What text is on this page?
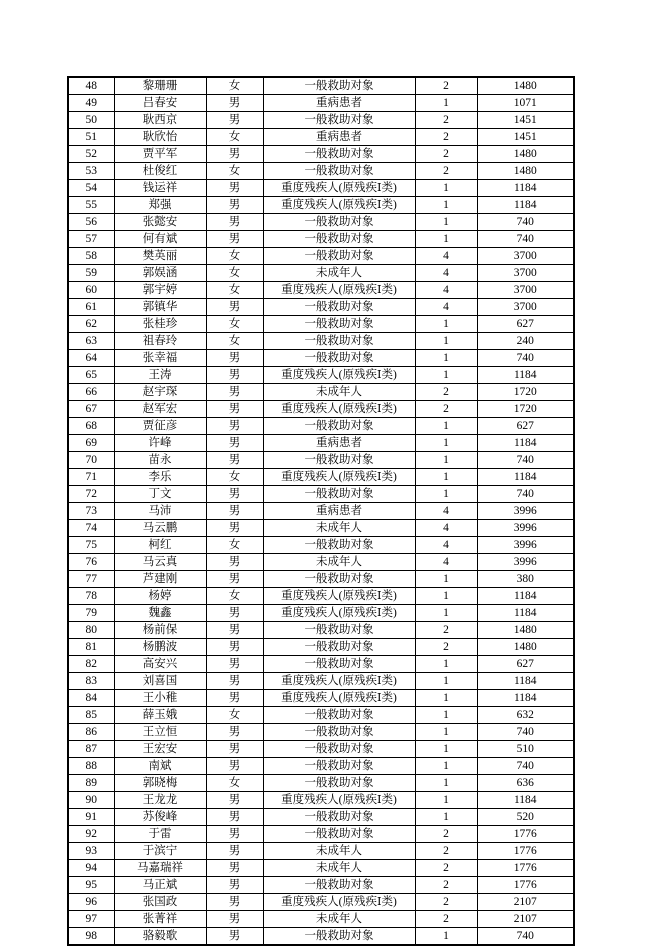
48	黎珊珊	女	一般救助对象	2	1480
49	吕春安	男	重病患者	1	1071
50	耿西京	男	一般救助对象	2	1451
51	耿欣怡	女	重病患者	2	1451
52	贾平军	男	一般救助对象	2	1480
53	杜俊红	女	一般救助对象	2	1480
54	钱运祥	男	重度残疾人(原残疾Ⅰ类)	1	1184
55	郑强	男	重度残疾人(原残疾Ⅰ类)	1	1184
56	张懿安	男	一般救助对象	1	740
57	何有斌	男	一般救助对象	1	740
58	樊英丽	女	一般救助对象	4	3700
59	郭娱涵	女	未成年人	4	3700
60	郭宇婷	女	重度残疾人(原残疾Ⅰ类)	4	3700
61	郭镇华	男	一般救助对象	4	3700
62	张桂珍	女	一般救助对象	1	627
63	祖春玲	女	一般救助对象	1	240
64	张幸福	男	一般救助对象	1	740
65	王涛	男	重度残疾人(原残疾Ⅰ类)	1	1184
66	赵宇琛	男	未成年人	2	1720
67	赵军宏	男	重度残疾人(原残疾Ⅰ类)	2	1720
68	贾征彦	男	一般救助对象	1	627
69	许峰	男	重病患者	1	1184
70	苗永	男	一般救助对象	1	740
71	李乐	女	重度残疾人(原残疾Ⅰ类)	1	1184
72	丁文	男	一般救助对象	1	740
73	马沛	男	重病患者	4	3996
74	马云鹏	男	未成年人	4	3996
75	柯红	女	一般救助对象	4	3996
76	马云真	男	未成年人	4	3996
77	芦建刚	男	一般救助对象	1	380
78	杨婷	女	重度残疾人(原残疾Ⅰ类)	1	1184
79	魏鑫	男	重度残疾人(原残疾Ⅰ类)	1	1184
80	杨前保	男	一般救助对象	2	1480
81	杨鹏波	男	一般救助对象	2	1480
82	高安兴	男	一般救助对象	1	627
83	刘喜国	男	重度残疾人(原残疾Ⅰ类)	1	1184
84	王小稚	男	重度残疾人(原残疾Ⅰ类)	1	1184
85	薛玉娥	女	一般救助对象	1	632
86	王立恒	男	一般救助对象	1	740
87	王宏安	男	一般救助对象	1	510
88	南斌	男	一般救助对象	1	740
89	郭晓梅	女	一般救助对象	1	636
90	王龙龙	男	重度残疾人(原残疾Ⅰ类)	1	1184
91	苏俊峰	男	一般救助对象	1	520
92	于雷	男	一般救助对象	2	1776
93	于滨宁	男	未成年人	2	1776
94	马嘉瑞祥	男	未成年人	2	1776
95	马正斌	男	一般救助对象	2	1776
96	张国政	男	重度残疾人(原残疾Ⅰ类)	2	2107
97	张菁祥	男	未成年人	2	2107
98	骆毅歌	男	一般救助对象	1	740
